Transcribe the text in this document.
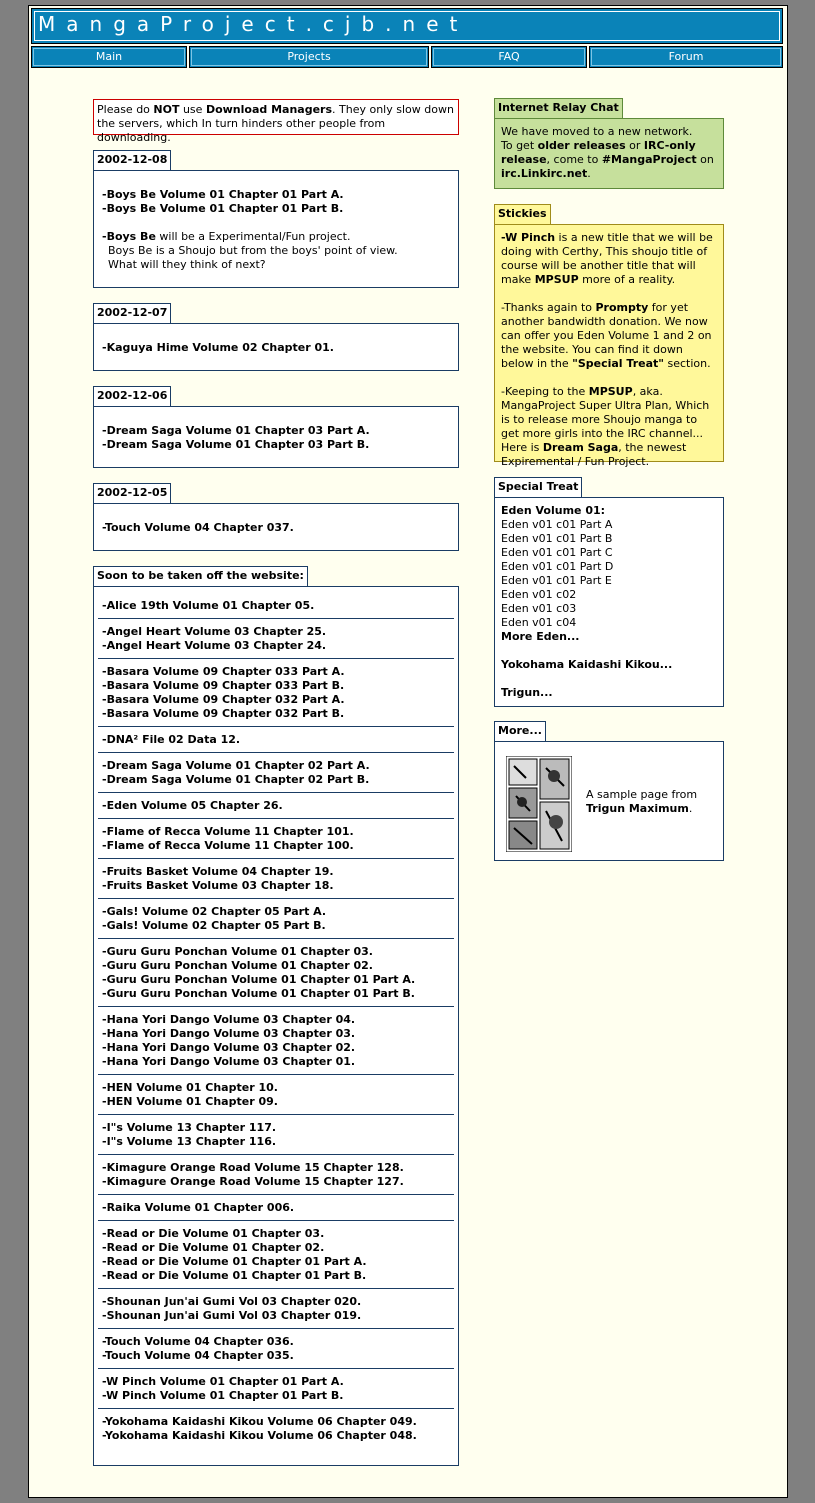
MangaProject.cjb.net
Main	Projects	FAQ	Forum
Please do NOT use Download Managers. They only slow down the servers, which In turn hinders other people from downloading.
2002-12-08
-Boys Be Volume 01 Chapter 01 Part A.
-Boys Be Volume 01 Chapter 01 Part B.
-Boys Be will be a Experimental/Fun project.
Boys Be is a Shoujo but from the boys' point of view.
What will they think of next?
2002-12-07
-Kaguya Hime Volume 02 Chapter 01.
2002-12-06
-Dream Saga Volume 01 Chapter 03 Part A.
-Dream Saga Volume 01 Chapter 03 Part B.
2002-12-05
-Touch Volume 04 Chapter 037.
Soon to be taken off the website:
-Alice 19th Volume 01 Chapter 05.
-Angel Heart Volume 03 Chapter 25.
-Angel Heart Volume 03 Chapter 24.
-Basara Volume 09 Chapter 033 Part A.
-Basara Volume 09 Chapter 033 Part B.
-Basara Volume 09 Chapter 032 Part A.
-Basara Volume 09 Chapter 032 Part B.
-DNA² File 02 Data 12.
-Dream Saga Volume 01 Chapter 02 Part A.
-Dream Saga Volume 01 Chapter 02 Part B.
-Eden Volume 05 Chapter 26.
-Flame of Recca Volume 11 Chapter 101.
-Flame of Recca Volume 11 Chapter 100.
-Fruits Basket Volume 04 Chapter 19.
-Fruits Basket Volume 03 Chapter 18.
-Gals! Volume 02 Chapter 05 Part A.
-Gals! Volume 02 Chapter 05 Part B.
-Guru Guru Ponchan Volume 01 Chapter 03.
-Guru Guru Ponchan Volume 01 Chapter 02.
-Guru Guru Ponchan Volume 01 Chapter 01 Part A.
-Guru Guru Ponchan Volume 01 Chapter 01 Part B.
-Hana Yori Dango Volume 03 Chapter 04.
-Hana Yori Dango Volume 03 Chapter 03.
-Hana Yori Dango Volume 03 Chapter 02.
-Hana Yori Dango Volume 03 Chapter 01.
-HEN Volume 01 Chapter 10.
-HEN Volume 01 Chapter 09.
-I"s Volume 13 Chapter 117.
-I"s Volume 13 Chapter 116.
-Kimagure Orange Road Volume 15 Chapter 128.
-Kimagure Orange Road Volume 15 Chapter 127.
-Raika Volume 01 Chapter 006.
-Read or Die Volume 01 Chapter 03.
-Read or Die Volume 01 Chapter 02.
-Read or Die Volume 01 Chapter 01 Part A.
-Read or Die Volume 01 Chapter 01 Part B.
-Shounan Jun'ai Gumi Vol 03 Chapter 020.
-Shounan Jun'ai Gumi Vol 03 Chapter 019.
-Touch Volume 04 Chapter 036.
-Touch Volume 04 Chapter 035.
-W Pinch Volume 01 Chapter 01 Part A.
-W Pinch Volume 01 Chapter 01 Part B.
-Yokohama Kaidashi Kikou Volume 06 Chapter 049.
-Yokohama Kaidashi Kikou Volume 06 Chapter 048.
Internet Relay Chat
We have moved to a new network.
To get older releases or IRC-only release, come to #MangaProject on irc.Linkirc.net.
Stickies
-W Pinch is a new title that we will be doing with Certhy, This shoujo title of course will be another title that will make MPSUP more of a reality.
-Thanks again to Prompty for yet another bandwidth donation. We now can offer you Eden Volume 1 and 2 on the website. You can find it down below in the "Special Treat" section.
-Keeping to the MPSUP, aka. MangaProject Super Ultra Plan, Which is to release more Shoujo manga to get more girls into the IRC channel... Here is Dream Saga, the newest Expiremental / Fun Project.
Special Treat
Eden Volume 01:
Eden v01 c01 Part A
Eden v01 c01 Part B
Eden v01 c01 Part C
Eden v01 c01 Part D
Eden v01 c01 Part E
Eden v01 c02
Eden v01 c03
Eden v01 c04
More Eden...
Yokohama Kaidashi Kikou...
Trigun...
More...
A sample page from
Trigun Maximum.
